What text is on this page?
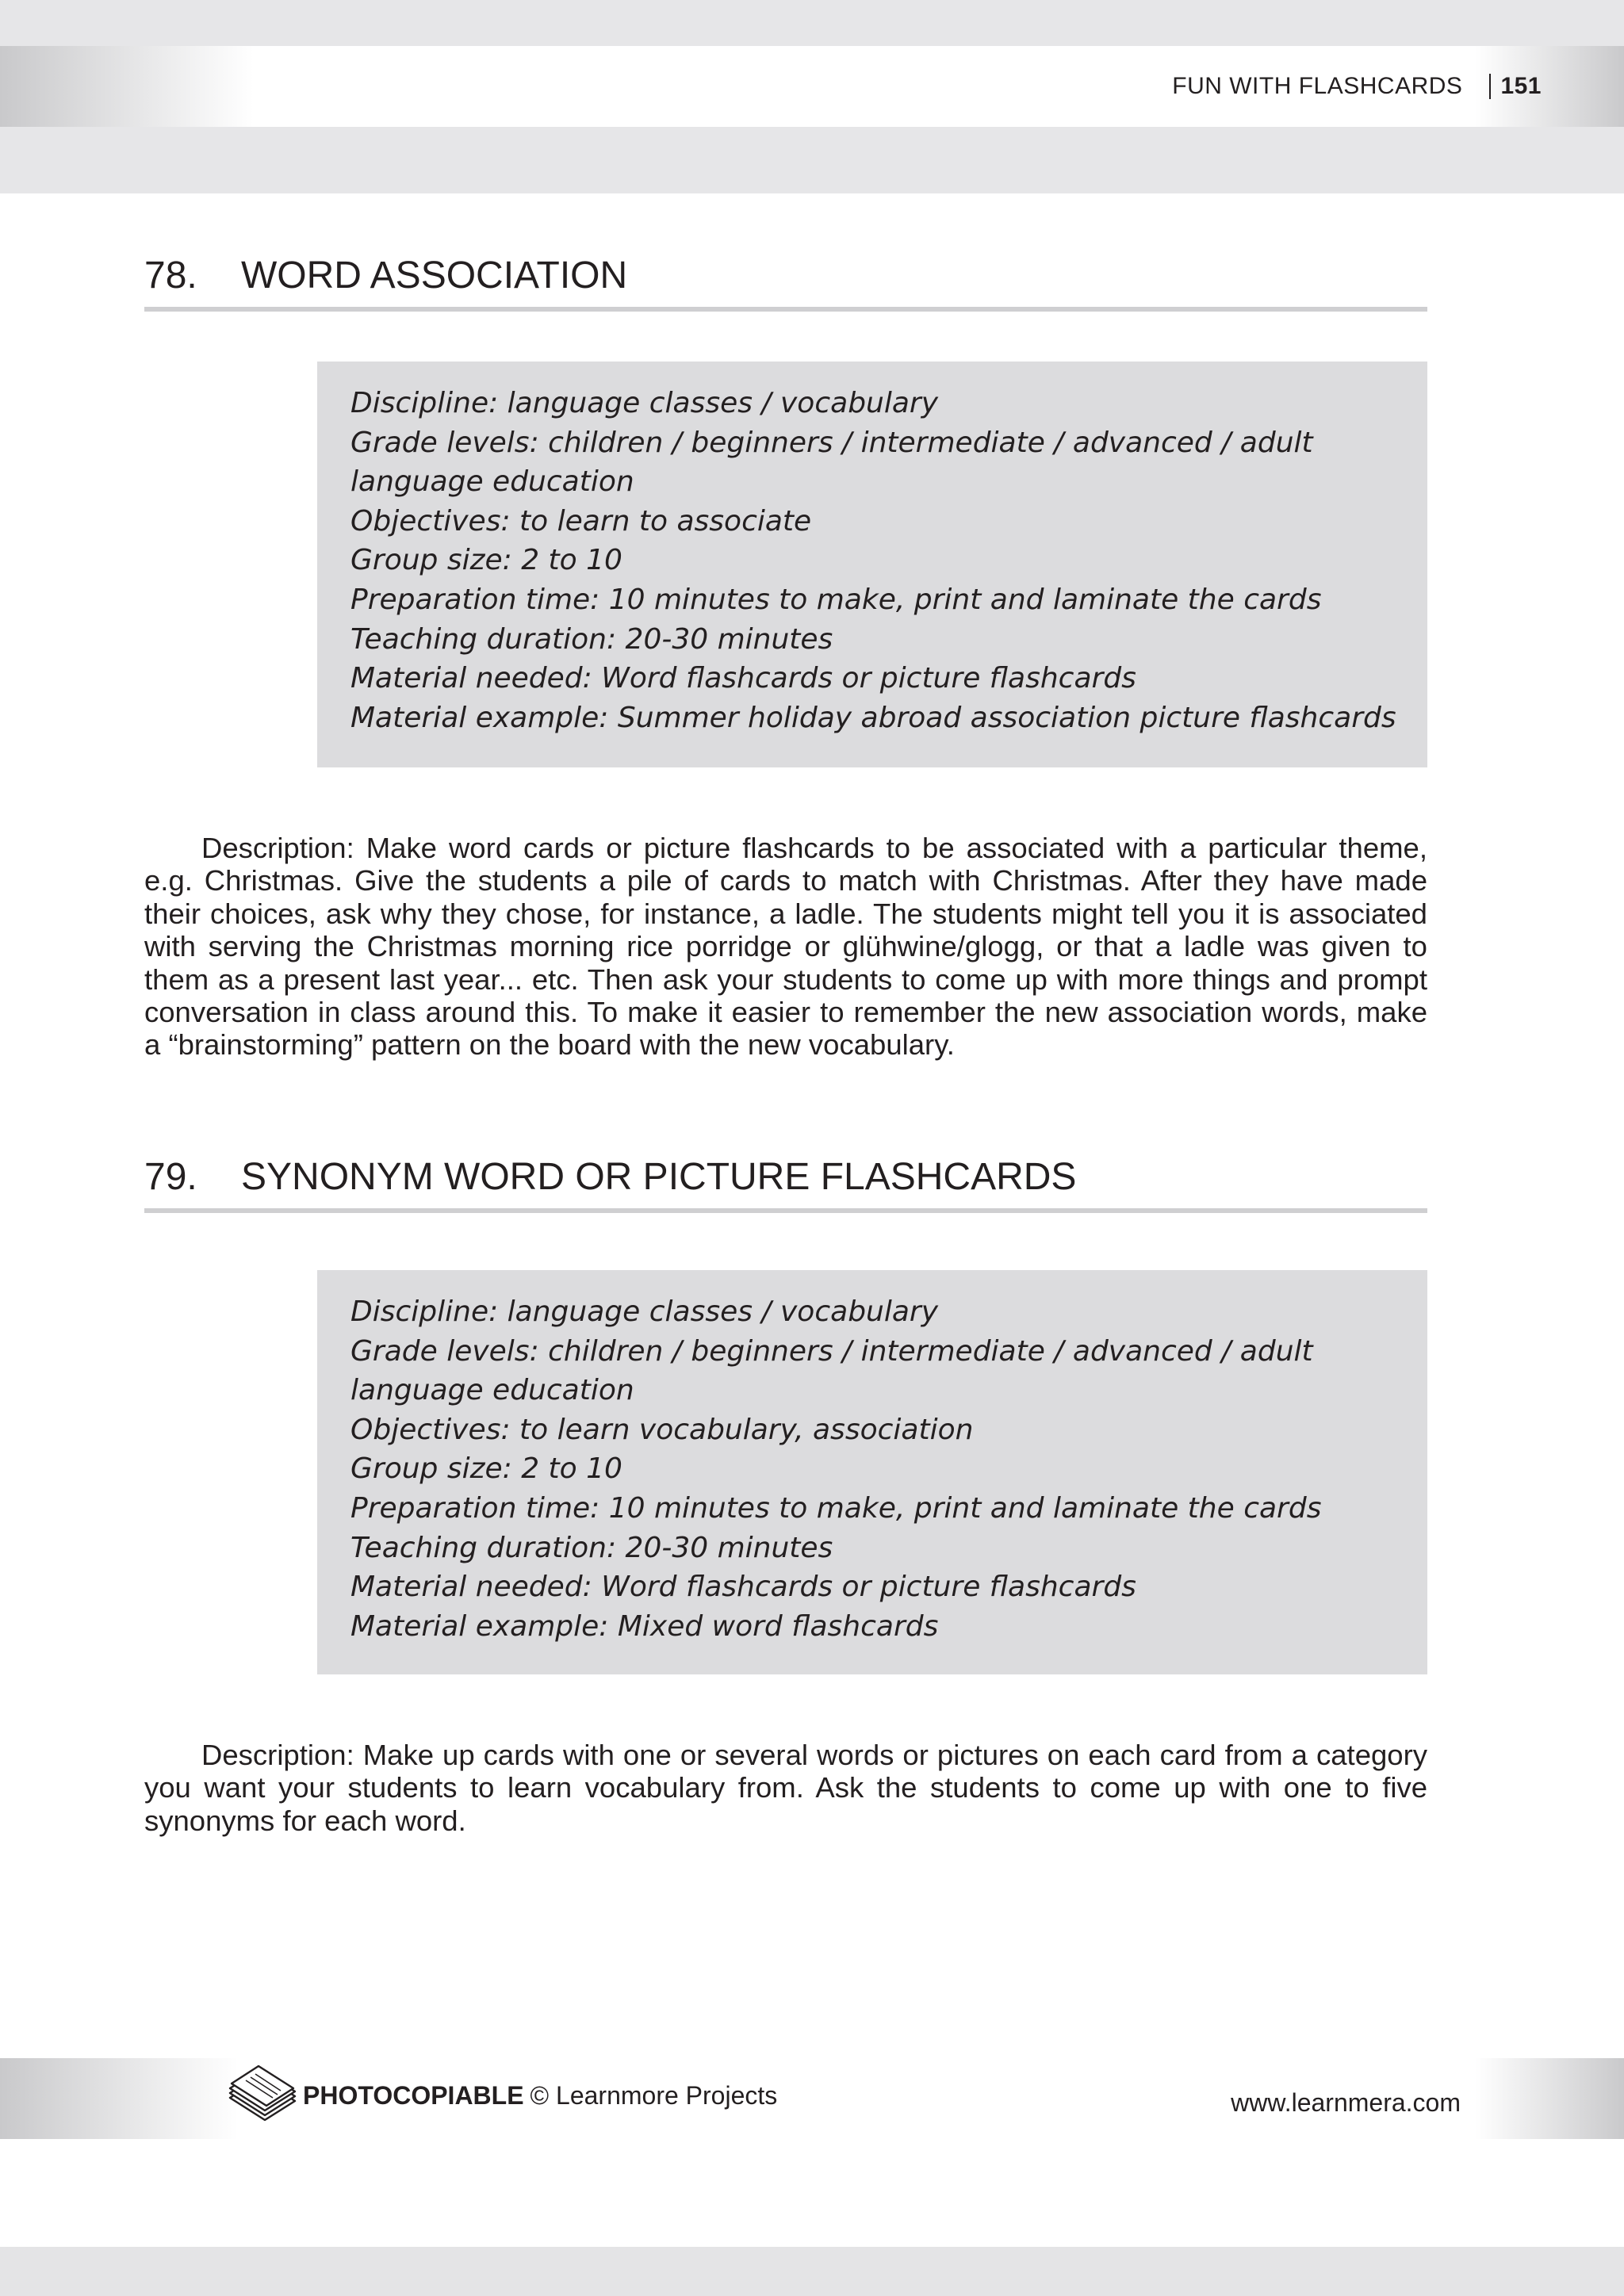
FUN WITH FLASHCARDS 151
78.	WORD ASSOCIATION
Discipline: language classes / vocabulary
Grade levels: children / beginners / intermediate / advanced / adult
language education
Objectives: to learn to associate
Group size: 2 to 10
Preparation time: 10 minutes to make, print and laminate the cards
Teaching duration: 20-30 minutes
Material needed: Word flashcards or picture flashcards
Material example: Summer holiday abroad association picture flashcards

Description: Make word cards or picture flashcards to be associated with a particular theme, e.g. Christmas. Give the students a pile of cards to match with Christmas. After they have made their choices, ask why they chose, for instance, a ladle. The students might tell you it is associated with serving the Christmas morning rice porridge or glühwine/glogg, or that a ladle was given to them as a present last year... etc. Then ask your students to come up with more things and prompt conversation in class around this. To make it easier to remember the new association words, make a “brainstorming” pattern on the board with the new vocabulary.

79.	SYNONYM WORD OR PICTURE FLASHCARDS
Discipline: language classes / vocabulary
Grade levels: children / beginners / intermediate / advanced / adult
language education
Objectives: to learn vocabulary, association
Group size: 2 to 10
Preparation time: 10 minutes to make, print and laminate the cards
Teaching duration: 20-30 minutes
Material needed: Word flashcards or picture flashcards
Material example: Mixed word flashcards

Description: Make up cards with one or several words or pictures on each card from a category you want your students to learn vocabulary from. Ask the students to come up with one to five synonyms for each word.

PHOTOCOPIABLE © Learnmore Projects	www.learnmera.com
